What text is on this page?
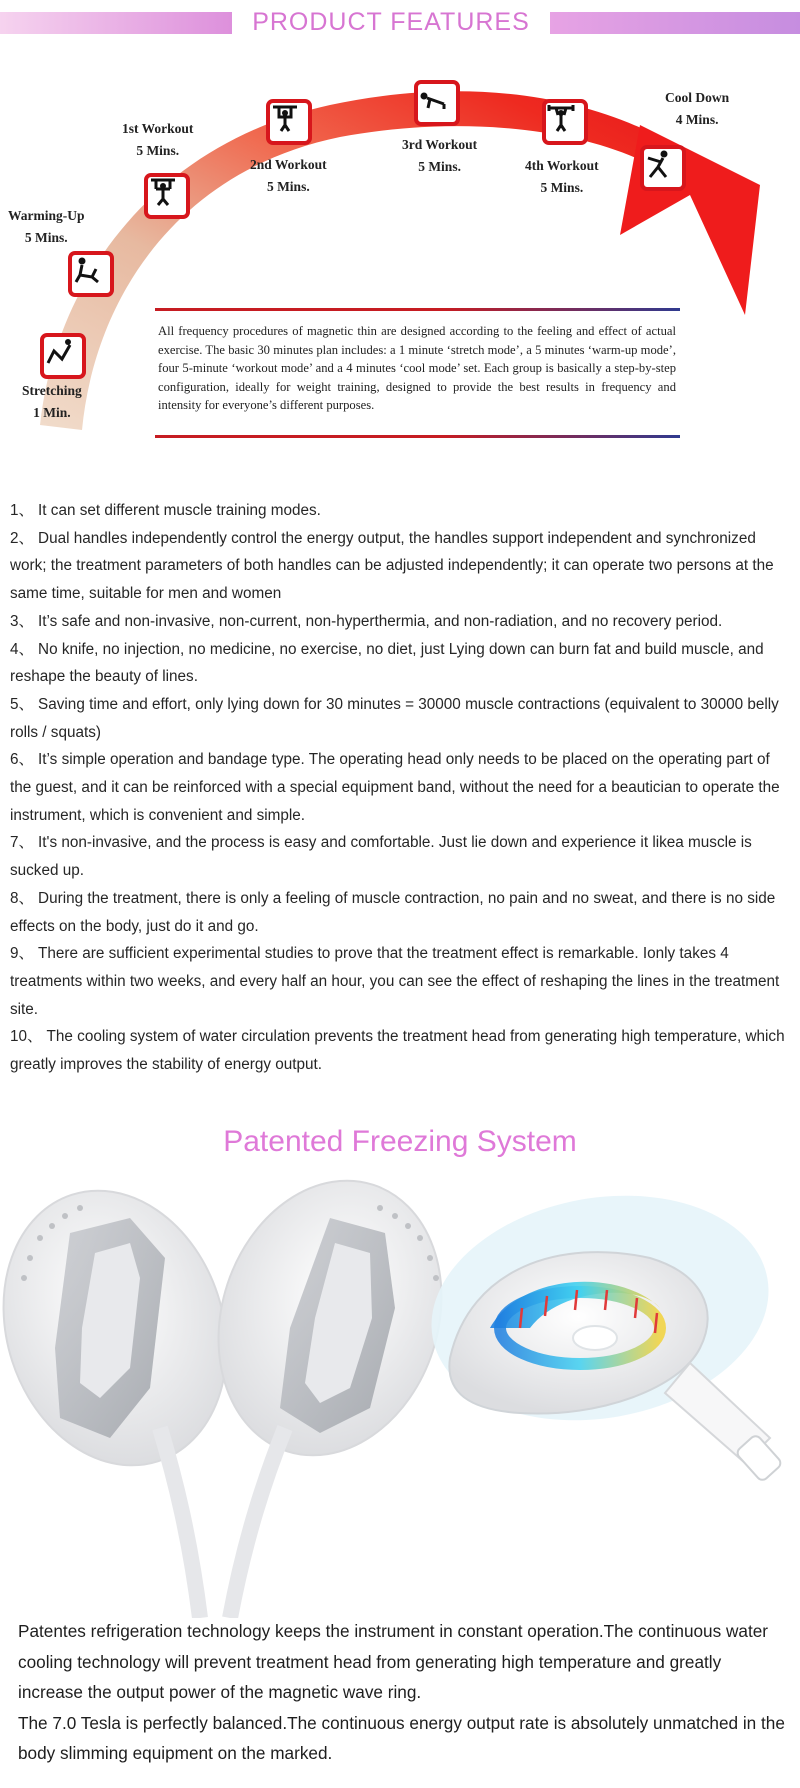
PRODUCT FEATURES
Stretching
1 Min.
Warming-Up
5 Mins.
1st Workout
5 Mins.
2nd Workout
5 Mins.
3rd Workout
5 Mins.	4th Workout
5 Mins.
Cool Down
4 Mins.
All frequency procedures of magnetic thin are designed according to the feeling and effect of actual exercise. The basic 30 minutes plan includes: a 1 minute ‘stretch mode’, a 5 minutes ‘warm-up mode’, four 5-minute ‘workout mode’ and a 4 minutes ‘cool mode’ set. Each group is basically a step-by-step configuration, ideally for weight training, designed to provide the best results in frequency and intensity for everyone’s different purposes.

1、 It can set different muscle training modes.

2、 Dual handles independently control the energy output, the handles support independent and synchronized work; the treatment parameters of both handles can be adjusted independently; it can operate two persons at the same time, suitable for men and women

3、 It’s safe and non-invasive, non-current, non-hyperthermia, and non-radiation, and no recovery period.

4、 No knife, no injection, no medicine, no exercise, no diet, just Lying down can burn fat and build muscle, and reshape the beauty of lines.

5、 Saving time and effort, only lying down for 30 minutes = 30000 muscle contractions (equivalent to 30000 belly rolls / squats)

6、 It’s simple operation and bandage type. The operating head only needs to be placed on the operating part of the guest, and it can be reinforced with a special equipment band, without the need for a beautician to operate the instrument, which is convenient and simple.

7、 It's non-invasive, and the process is easy and comfortable. Just lie down and experience it likea muscle is sucked up.

8、 During the treatment, there is only a feeling of muscle contraction, no pain and no sweat, and there is no side effects on the body, just do it and go.

9、 There are sufficient experimental studies to prove that the treatment effect is remarkable. Ionly takes 4 treatments within two weeks, and every half an hour, you can see the effect of reshaping the lines in the treatment site.

10、 The cooling system of water circulation prevents the treatment head from generating high temperature, which greatly improves the stability of energy output.

Patented Freezing System

Patentes refrigeration technology keeps the instrument in constant operation.The continuous water cooling technology will prevent treatment head from generating high temperature and greatly increase the output power of the magnetic wave ring.

The 7.0 Tesla is perfectly balanced.The continuous energy output rate is absolutely unmatched in the body slimming equipment on the marked.
